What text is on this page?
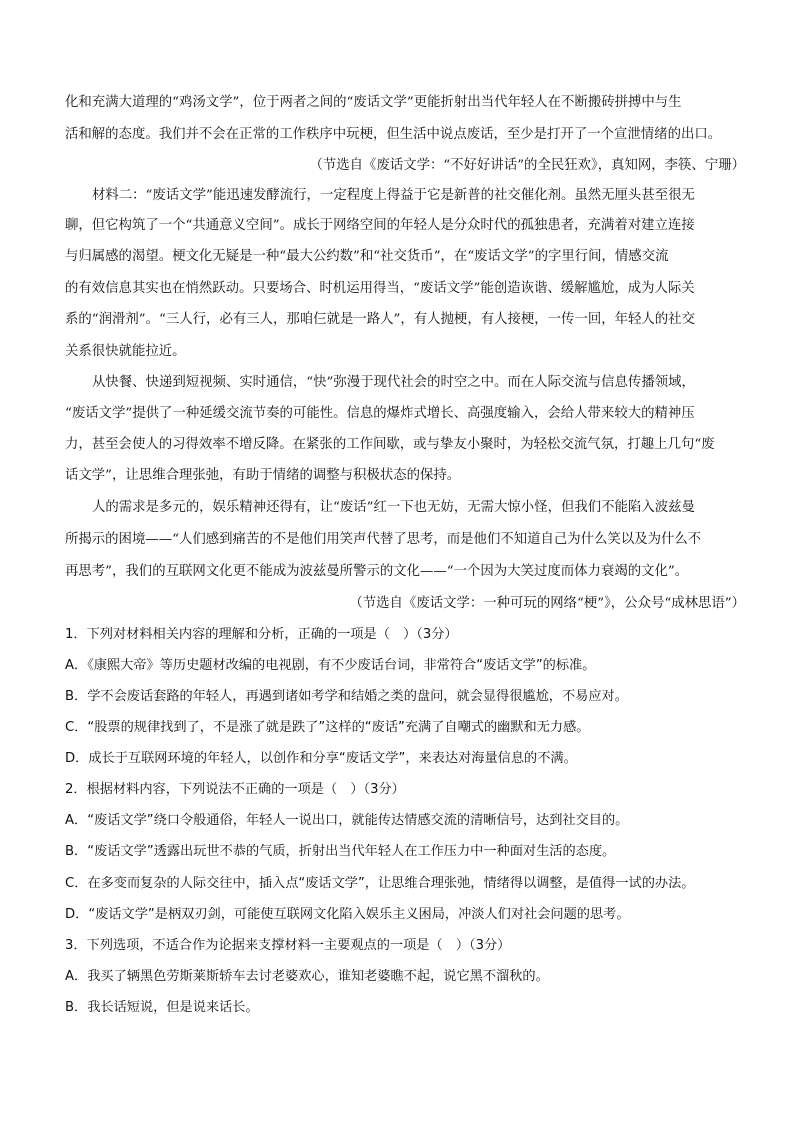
化和充满大道理的“鸡汤文学”，位于两者之间的“废话文学”更能折射出当代年轻人在不断搬砖拼搏中与生
活和解的态度。我们并不会在正常的工作秩序中玩梗，但生活中说点废话，至少是打开了一个宣泄情绪的出口。
（节选自《废话文学：“不好好讲话”的全民狂欢》，真知网，李筷、宁珊）
材料二：“废话文学”能迅速发酵流行，一定程度上得益于它是新普的社交催化剂。虽然无厘头甚至很无
聊，但它构筑了一个“共通意义空间”。成长于网络空间的年轻人是分众时代的孤独患者，充满着对建立连接
与归属感的渴望。梗文化无疑是一种“最大公约数”和“社交货币”，在“废话文学”的字里行间，情感交流
的有效信息其实也在悄然跃动。只要场合、时机运用得当，“废话文学”能创造诙谐、缓解尴尬，成为人际关
系的“润滑剂”。“三人行，必有三人，那咱仨就是一路人”，有人抛梗，有人接梗，一传一回，年轻人的社交
关系很快就能拉近。
从快餐、快递到短视频、实时通信，“快”弥漫于现代社会的时空之中。而在人际交流与信息传播领域，
“废话文学”提供了一种延缓交流节奏的可能性。信息的爆炸式增长、高强度输入，会给人带来较大的精神压
力，甚至会使人的习得效率不增反降。在紧张的工作间歇，或与挚友小聚时，为轻松交流气氛，打趣上几句“废
话文学”，让思维合理张弛，有助于情绪的调整与积极状态的保持。
人的需求是多元的，娱乐精神还得有，让“废话”红一下也无妨，无需大惊小怪，但我们不能陷入波兹曼
所揭示的困境——“人们感到痛苦的不是他们用笑声代替了思考，而是他们不知道自己为什么笑以及为什么不
再思考”，我们的互联网文化更不能成为波兹曼所警示的文化——“一个因为大笑过度而体力衰竭的文化”。
（节选自《废话文学：一种可玩的网络“梗”》，公众号“成林思语”）
1．下列对材料相关内容的理解和分析，正确的一项是（　）（3分）
A．《康熙大帝》等历史题材改编的电视剧，有不少废话台词，非常符合“废话文学”的标准。
B．学不会废话套路的年轻人，再遇到诸如考学和结婚之类的盘问，就会显得很尴尬，不易应对。
C．“股票的规律找到了，不是涨了就是跌了”这样的“废话”充满了自嘲式的幽默和无力感。
D．成长于互联网环境的年轻人，以创作和分享“废话文学”，来表达对海量信息的不满。
2．根据材料内容，下列说法不正确的一项是（　）（3分）
A．“废话文学”绕口令般通俗，年轻人一说出口，就能传达情感交流的清晰信号，达到社交目的。
B．“废话文学”透露出玩世不恭的气质，折射出当代年轻人在工作压力中一种面对生活的态度。
C．在多变而复杂的人际交往中，插入点“废话文学”，让思维合理张弛，情绪得以调整，是值得一试的办法。
D．“废话文学”是柄双刃剑，可能使互联网文化陷入娱乐主义困局，冲淡人们对社会问题的思考。
3．下列选项，不适合作为论据来支撑材料一主要观点的一项是（　）（3分）
A．我买了辆黑色劳斯莱斯轿车去讨老婆欢心，谁知老婆瞧不起，说它黑不溜秋的。
B．我长话短说，但是说来话长。
